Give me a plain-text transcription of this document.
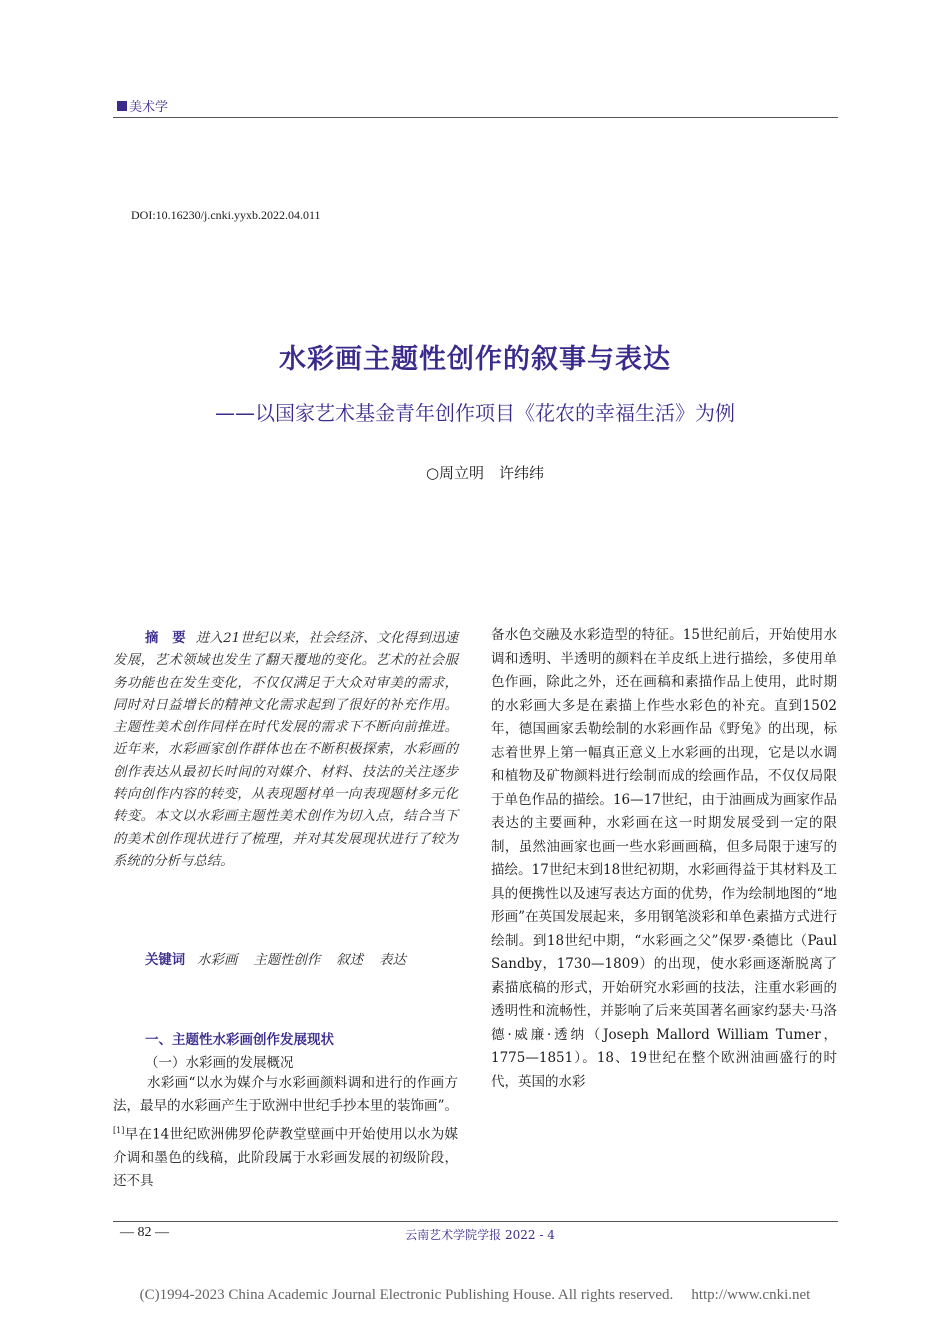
美术学
DOI:10.16230/j.cnki.yyxb.2022.04.011
水彩画主题性创作的叙事与表达
——以国家艺术基金青年创作项目《花农的幸福生活》为例
○周立明　许纬纬
摘　要 进入21世纪以来，社会经济、文化得到迅速发展，艺术领域也发生了翻天覆地的变化。艺术的社会服务功能也在发生变化，不仅仅满足于大众对审美的需求，同时对日益增长的精神文化需求起到了很好的补充作用。主题性美术创作同样在时代发展的需求下不断向前推进。近年来，水彩画家创作群体也在不断积极探索，水彩画的创作表达从最初长时间的对媒介、材料、技法的关注逐步转向创作内容的转变，从表现题材单一向表现题材多元化转变。本文以水彩画主题性美术创作为切入点，结合当下的美术创作现状进行了梳理，并对其发展现状进行了较为系统的分析与总结。
关键词 水彩画 主题性创作 叙述 表达
一、主题性水彩画创作发展现状
（一）水彩画的发展概况
水彩画“以水为媒介与水彩画颜料调和进行的作画方法，最早的水彩画产生于欧洲中世纪手抄本里的装饰画”。[1]早在14世纪欧洲佛罗伦萨教堂壁画中开始使用以水为媒介调和墨色的线稿，此阶段属于水彩画发展的初级阶段，还不具
备水色交融及水彩造型的特征。15世纪前后，开始使用水调和透明、半透明的颜料在羊皮纸上进行描绘，多使用单色作画，除此之外，还在画稿和素描作品上使用，此时期的水彩画大多是在素描上作些水彩色的补充。直到1502年，德国画家丢勒绘制的水彩画作品《野兔》的出现，标志着世界上第一幅真正意义上水彩画的出现，它是以水调和植物及矿物颜料进行绘制而成的绘画作品，不仅仅局限于单色作品的描绘。16—17世纪，由于油画成为画家作品表达的主要画种，水彩画在这一时期发展受到一定的限制，虽然油画家也画一些水彩画画稿，但多局限于速写的描绘。17世纪末到18世纪初期，水彩画得益于其材料及工具的便携性以及速写表达方面的优势，作为绘制地图的“地形画”在英国发展起来，多用钢笔淡彩和单色素描方式进行绘制。到18世纪中期，“水彩画之父”保罗·桑德比（Paul Sandby，1730—1809）的出现，使水彩画逐渐脱离了素描底稿的形式，开始研究水彩画的技法，注重水彩画的透明性和流畅性，并影响了后来英国著名画家约瑟夫·马洛德·威廉·透纳（Joseph Mallord William Tumer，1775—1851）。18、19世纪在整个欧洲油画盛行的时代，英国的水彩
— 82 —	云南艺术学院学报 2022 - 4
(C)1994-2023 China Academic Journal Electronic Publishing House. All rights reserved. http://www.cnki.net
